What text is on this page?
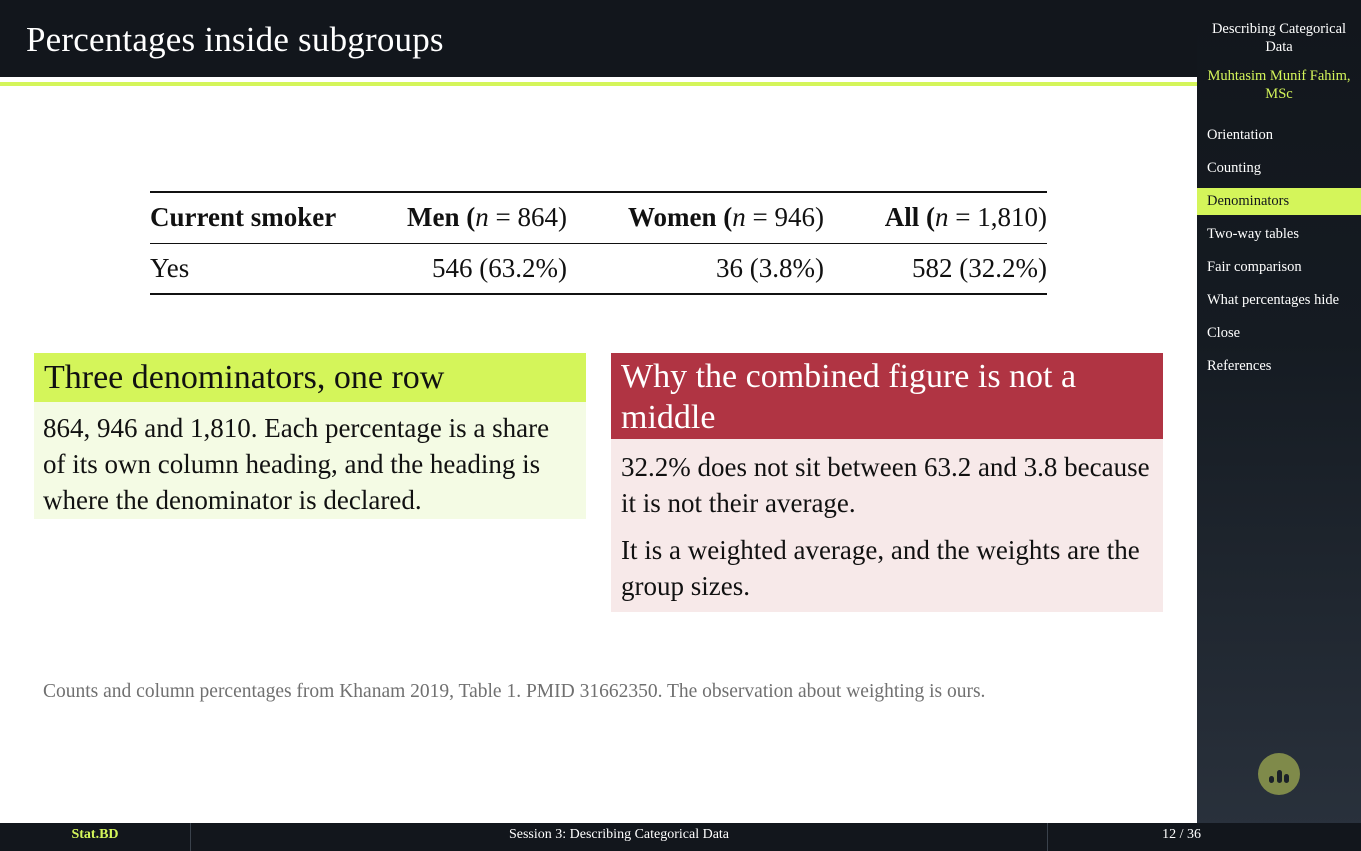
Percentages inside subgroups	Describing Categorical Data
Muhtasim Munif Fahim, MSc
Orientation
Counting
Denominators
Two-way tables
Fair comparison
What percentages hide
Close
References
Current smoker	Men (n = 864)	Women (n = 946)	All (n = 1,810)
Yes	546 (63.2%)	36 (3.8%)	582 (32.2%)
Three denominators, one row
864, 946 and 1,810. Each percentage is a share of its own column heading, and the heading is where the denominator is declared.
Why the combined figure is not a middle

32.2% does not sit between 63.2 and 3.8 because it is not their average.

It is a weighted average, and the weights are the group sizes.

Counts and column percentages from Khanam 2019, Table 1. PMID 31662350. The observation about weighting is ours.
Stat.BD	Session 3: Describing Categorical Data	12 / 36
